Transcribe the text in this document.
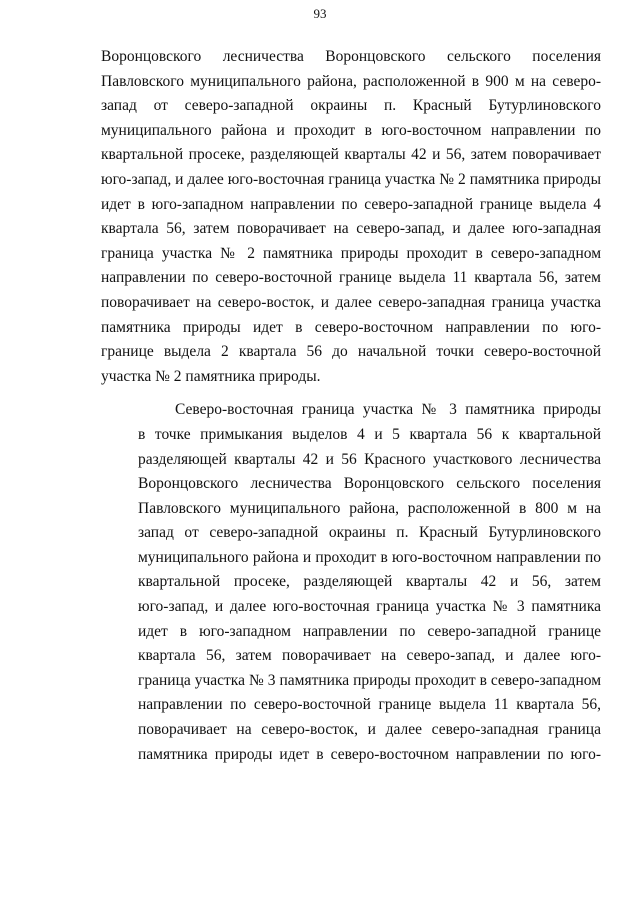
93

Воронцовского лесничества Воронцовского сельского поселения
Павловского муниципального района, расположенной в 900 м на северо-
запад от северо-западной окраины п. Красный Бутурлиновского
муниципального района и проходит в юго-восточном направлении по
квартальной просеке, разделяющей кварталы 42 и 56, затем поворачивает
юго-запад, и далее юго-восточная граница участка № 2 памятника природы
идет в юго-западном направлении по северо-западной границе выдела 4
квартала 56, затем поворачивает на северо-запад, и далее юго-западная
граница участка № 2 памятника природы проходит в северо-западном
направлении по северо-восточной границе выдела 11 квартала 56, затем
поворачивает на северо-восток, и далее северо-западная граница участка
памятника природы идет в северо-восточном направлении по юго-
границе выдела 2 квартала 56 до начальной точки северо-восточной
участка № 2 памятника природы.

Северо-восточная граница участка № 3 памятника природы
в точке примыкания выделов 4 и 5 квартала 56 к квартальной
разделяющей кварталы 42 и 56 Красного участкового лесничества
Воронцовского лесничества Воронцовского сельского поселения
Павловского муниципального района, расположенной в 800 м на
запад от северо-западной окраины п. Красный Бутурлиновского
муниципального района и проходит в юго-восточном направлении по
квартальной просеке, разделяющей кварталы 42 и 56, затем
юго-запад, и далее юго-восточная граница участка № 3 памятника
идет в юго-западном направлении по северо-западной границе
квартала 56, затем поворачивает на северо-запад, и далее юго-
граница участка № 3 памятника природы проходит в северо-западном
направлении по северо-восточной границе выдела 11 квартала 56,
поворачивает на северо-восток, и далее северо-западная граница
памятника природы идет в северо-восточном направлении по юго-
